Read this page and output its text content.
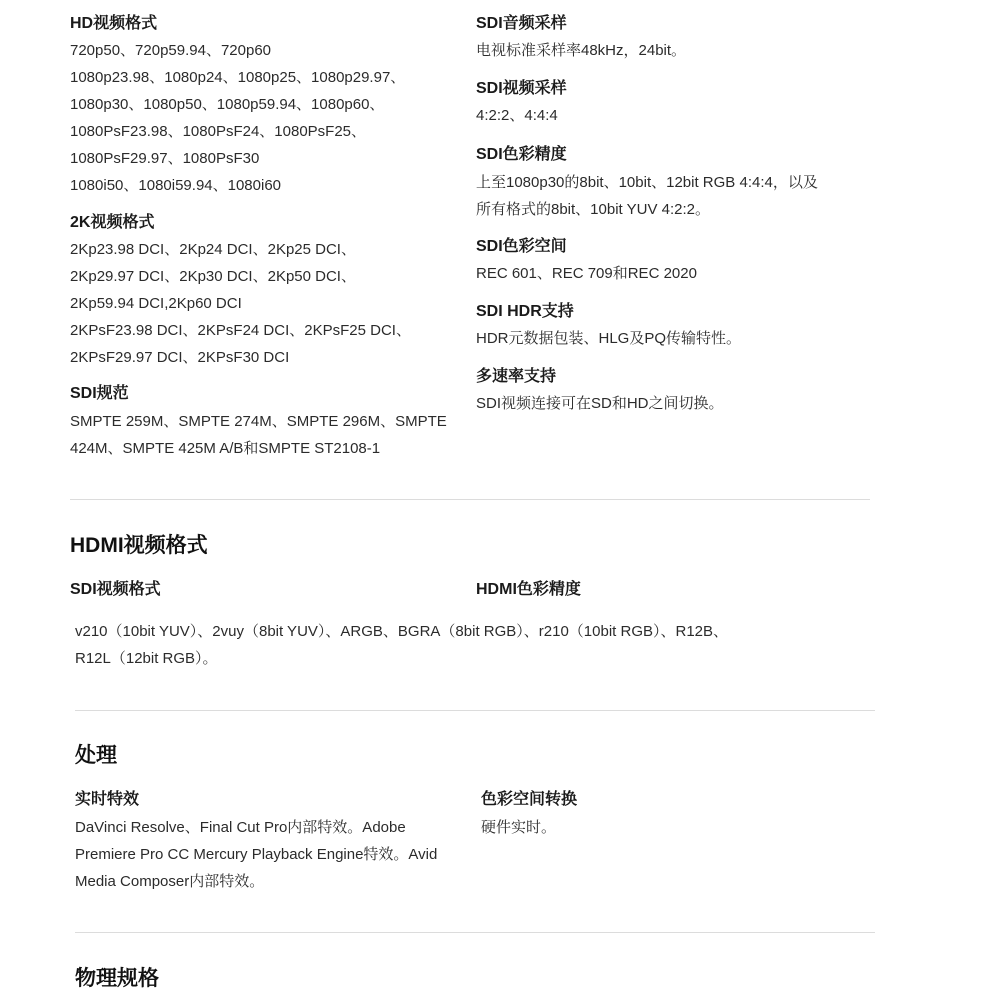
HD视频格式
720p50、720p59.94、720p60
1080p23.98、1080p24、1080p25、1080p29.97、
1080p30、1080p50、1080p59.94、1080p60、
1080PsF23.98、1080PsF24、1080PsF25、
1080PsF29.97、1080PsF30
1080i50、1080i59.94、1080i60
2K视频格式
2Kp23.98 DCI、2Kp24 DCI、2Kp25 DCI、
2Kp29.97 DCI、2Kp30 DCI、2Kp50 DCI、
2Kp59.94 DCI,2Kp60 DCI
2KPsF23.98 DCI、2KPsF24 DCI、2KPsF25 DCI、
2KPsF29.97 DCI、2KPsF30 DCI
SDI规范
SMPTE 259M、SMPTE 274M、SMPTE 296M、SMPTE
424M、SMPTE 425M A/B和SMPTE ST2108-1
SDI音频采样
电视标准采样率48kHz，24bit。
SDI视频采样
4:2:2、4:4:4
SDI色彩精度
上至1080p30的8bit、10bit、12bit RGB 4:4:4，以及
所有格式的8bit、10bit YUV 4:2:2。
SDI色彩空间
REC 601、REC 709和REC 2020
SDI HDR支持
HDR元数据包装、HLG及PQ传输特性。
多速率支持
SDI视频连接可在SD和HD之间切换。
HDMI视频格式
SDI视频格式	HDMI色彩精度
v210（10bit YUV）、2vuy（8bit YUV）、ARGB、BGRA（8bit RGB）、r210（10bit RGB）、R12B、
R12L（12bit RGB）。
处理
实时特效
DaVinci Resolve、Final Cut Pro内部特效。Adobe
Premiere Pro CC Mercury Playback Engine特效。Avid
Media Composer内部特效。
色彩空间转换
硬件实时。
物理规格
